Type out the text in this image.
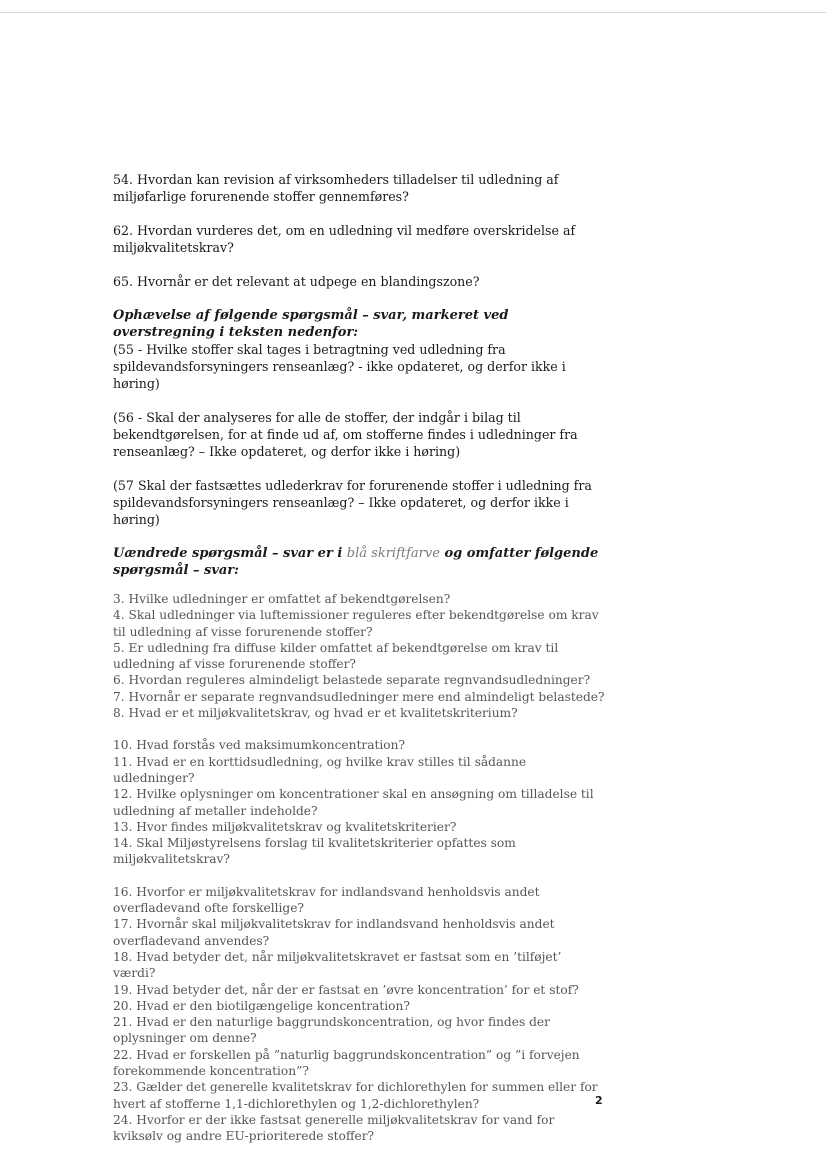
54. Hvordan kan revision af virksomheders tilladelser til udledning af miljøfarlige forurenende stoffer gennemføres?
62. Hvordan vurderes det, om en udledning vil medføre overskridelse af miljøkvalitetskrav?
65. Hvornår er det relevant at udpege en blandingszone?
Ophævelse af følgende spørgsmål – svar, markeret ved overstregning i teksten nedenfor:
(55 - Hvilke stoffer skal tages i betragtning ved udledning fra spildevandsforsyningers renseanlæg? - ikke opdateret, og derfor ikke i høring)
(56 - Skal der analyseres for alle de stoffer, der indgår i bilag til bekendtgørelsen, for at finde ud af, om stofferne findes i udledninger fra renseanlæg? – Ikke opdateret, og derfor ikke i høring)
(57 Skal der fastsættes udlederkrav for forurenende stoffer i udledning fra spildevandsforsyningers renseanlæg? – Ikke opdateret, og derfor ikke i høring)
Uændrede spørgsmål – svar er i blå skriftfarve og omfatter følgende spørgsmål – svar:
3. Hvilke udledninger er omfattet af bekendtgørelsen?
4. Skal udledninger via luftemissioner reguleres efter bekendtgørelse om krav til udledning af visse forurenende stoffer?
5. Er udledning fra diffuse kilder omfattet af bekendtgørelse om krav til udledning af visse forurenende stoffer?
6. Hvordan reguleres almindeligt belastede separate regnvandsudledninger?
7. Hvornår er separate regnvandsudledninger mere end almindeligt belastede?
8. Hvad er et miljøkvalitetskrav, og hvad er et kvalitetskriterium?
10. Hvad forstås ved maksimumkoncentration?
11. Hvad er en korttidsudledning, og hvilke krav stilles til sådanne udledninger?
12. Hvilke oplysninger om koncentrationer skal en ansøgning om tilladelse til udledning af metaller indeholde?
13. Hvor findes miljøkvalitetskrav og kvalitetskriterier?
14. Skal Miljøstyrelsens forslag til kvalitetskriterier opfattes som miljøkvalitetskrav?
16. Hvorfor er miljøkvalitetskrav for indlandsvand henholdsvis andet overfladevand ofte forskellige?
17. Hvornår skal miljøkvalitetskrav for indlandsvand henholdsvis andet overfladevand anvendes?
18. Hvad betyder det, når miljøkvalitetskravet er fastsat som en ’tilføjet’ værdi?
19. Hvad betyder det, når der er fastsat en ’øvre koncentration’ for et stof?
20. Hvad er den biotilgængelige koncentration?
21. Hvad er den naturlige baggrundskoncentration, og hvor findes der oplysninger om denne?
22. Hvad er forskellen på ”naturlig baggrundskoncentration” og ”i forvejen forekommende koncentration”?
23. Gælder det generelle kvalitetskrav for dichlorethylen for summen eller for hvert af stofferne 1,1-dichlorethylen og 1,2-dichlorethylen?
24. Hvorfor er der ikke fastsat generelle miljøkvalitetskrav for vand for kviksølv og andre EU-prioriterede stoffer?
2
